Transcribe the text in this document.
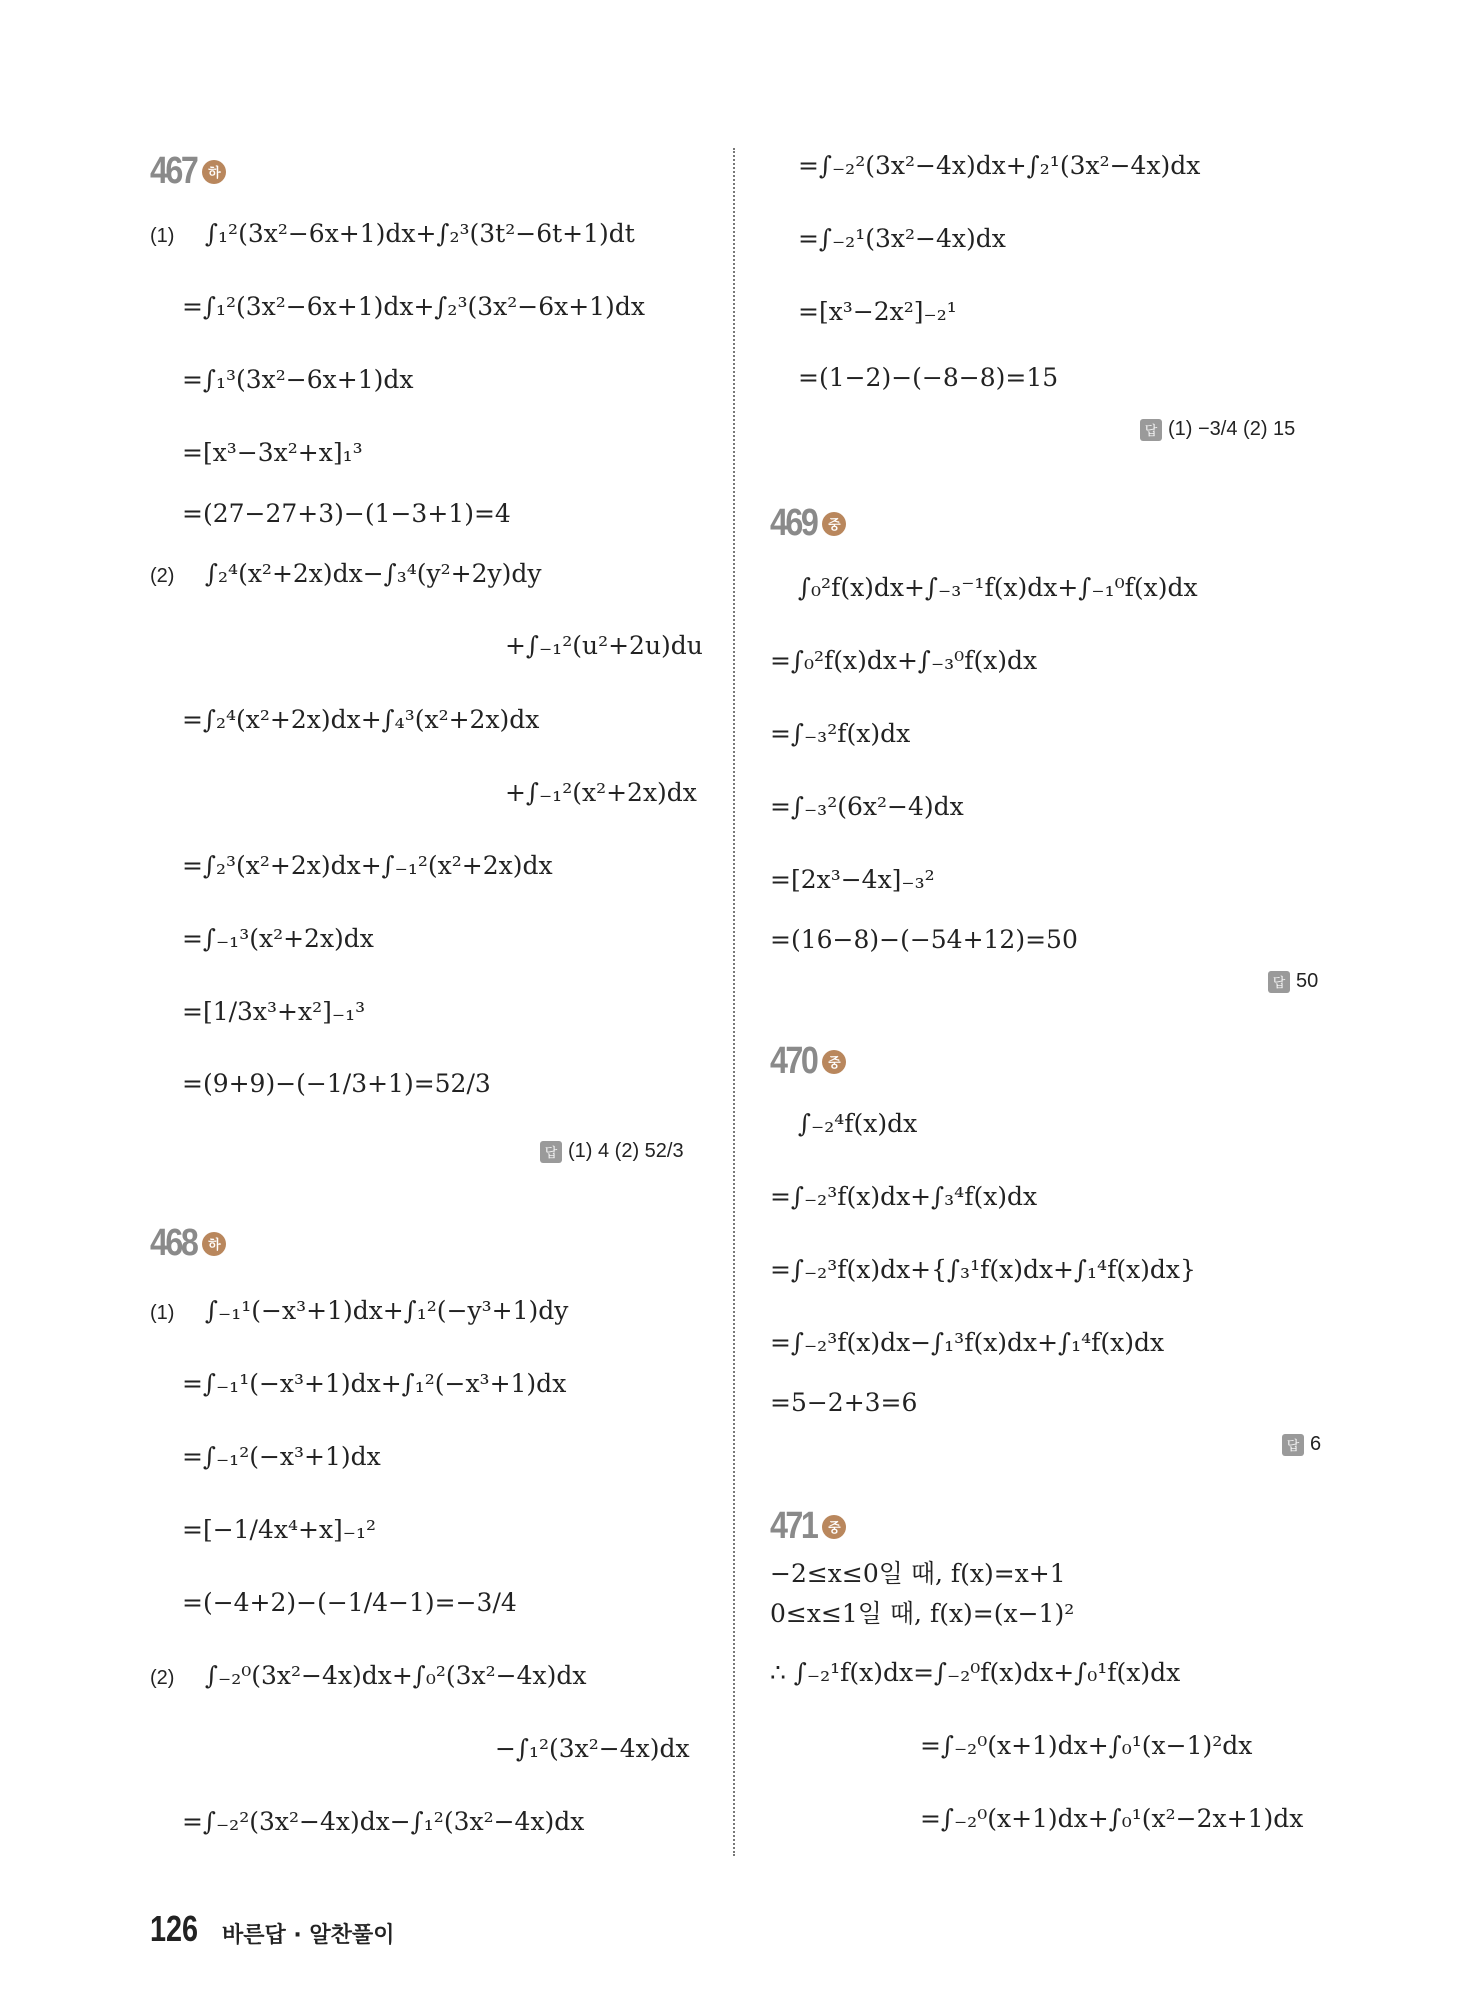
467 하
(1) ∫₁²(3x²−6x+1)dx+∫₂³(3t²−6t+1)dt
=∫₁²(3x²−6x+1)dx+∫₂³(3x²−6x+1)dx
=∫₁³(3x²−6x+1)dx
=[x³−3x²+x]₁³
=(27−27+3)−(1−3+1)=4
(2) ∫₂⁴(x²+2x)dx−∫₃⁴(y²+2y)dy
+∫₋₁²(u²+2u)du
=∫₂⁴(x²+2x)dx+∫₄³(x²+2x)dx
+∫₋₁²(x²+2x)dx
=∫₂³(x²+2x)dx+∫₋₁²(x²+2x)dx
=∫₋₁³(x²+2x)dx
=[1/3x³+x²]₋₁³
=(9+9)−(−1/3+1)=52/3
답 (1) 4 (2) 52/3
468 하
(1) ∫₋₁¹(−x³+1)dx+∫₁²(−y³+1)dy
=∫₋₁¹(−x³+1)dx+∫₁²(−x³+1)dx
=∫₋₁²(−x³+1)dx
=[−1/4x⁴+x]₋₁²
=(−4+2)−(−1/4−1)=−3/4
(2) ∫₋₂⁰(3x²−4x)dx+∫₀²(3x²−4x)dx
−∫₁²(3x²−4x)dx
=∫₋₂²(3x²−4x)dx−∫₁²(3x²−4x)dx
=∫₋₂²(3x²−4x)dx+∫₂¹(3x²−4x)dx
=∫₋₂¹(3x²−4x)dx
=[x³−2x²]₋₂¹
=(1−2)−(−8−8)=15
답 (1) −3/4 (2) 15
469 중
∫₀²f(x)dx+∫₋₃⁻¹f(x)dx+∫₋₁⁰f(x)dx
=∫₀²f(x)dx+∫₋₃⁰f(x)dx
=∫₋₃²f(x)dx
=∫₋₃²(6x²−4)dx
=[2x³−4x]₋₃²
=(16−8)−(−54+12)=50
답 50
470 중
∫₋₂⁴f(x)dx
=∫₋₂³f(x)dx+∫₃⁴f(x)dx
=∫₋₂³f(x)dx+{∫₃¹f(x)dx+∫₁⁴f(x)dx}
=∫₋₂³f(x)dx−∫₁³f(x)dx+∫₁⁴f(x)dx
=5−2+3=6
답 6
471 중
−2≤x≤0일 때, f(x)=x+1
0≤x≤1일 때, f(x)=(x−1)²
∴ ∫₋₂¹f(x)dx=∫₋₂⁰f(x)dx+∫₀¹f(x)dx
=∫₋₂⁰(x+1)dx+∫₀¹(x−1)²dx
=∫₋₂⁰(x+1)dx+∫₀¹(x²−2x+1)dx
126 바른답 · 알찬풀이
